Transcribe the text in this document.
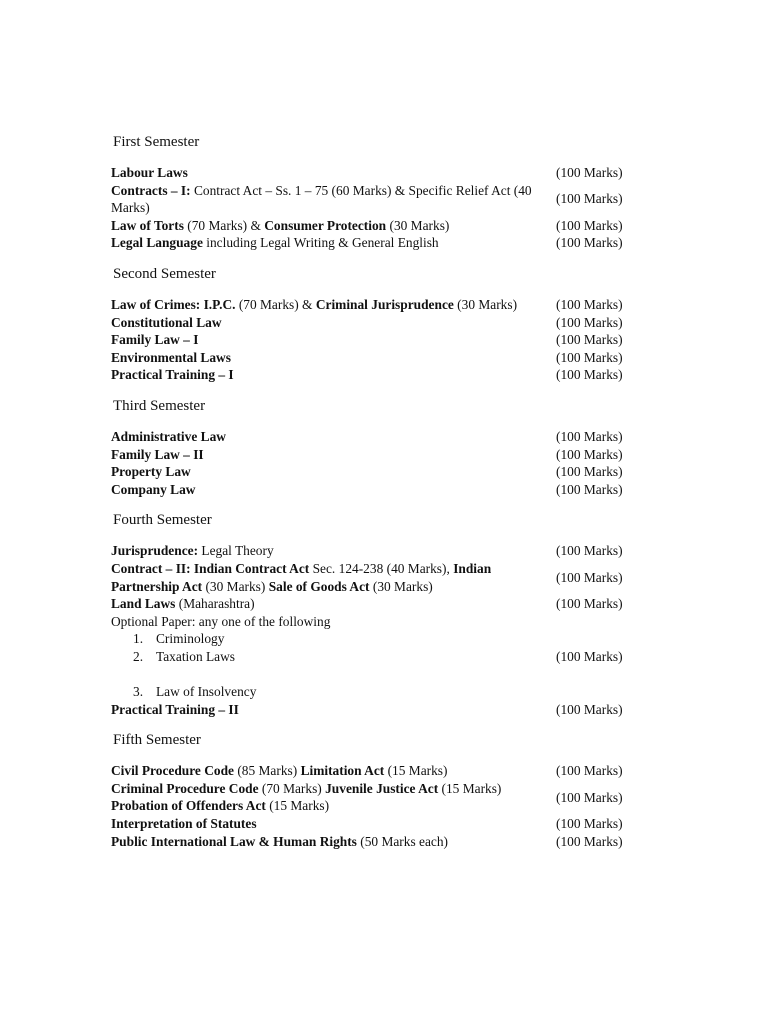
First Semester
Labour Laws	(100 Marks)
Contracts – I: Contract Act – Ss. 1 – 75 (60 Marks) & Specific Relief Act (40 Marks)
(100 Marks)
Law of Torts (70 Marks) & Consumer Protection (30 Marks)	(100 Marks)
Legal Language including Legal Writing & General English	(100 Marks)
Second Semester
Law of Crimes: I.P.C. (70 Marks) & Criminal Jurisprudence (30 Marks)	(100 Marks)
Constitutional Law	(100 Marks)
Family Law – I	(100 Marks)
Environmental Laws	(100 Marks)
Practical Training – I	(100 Marks)
Third Semester
Administrative Law	(100 Marks)
Family Law – II	(100 Marks)
Property Law	(100 Marks)
Company Law	(100 Marks)
Fourth Semester
Jurisprudence: Legal Theory	(100 Marks)
Contract – II: Indian Contract Act Sec. 124-238 (40 Marks), Indian Partnership Act (30 Marks) Sale of Goods Act (30 Marks)
(100 Marks)
Land Laws (Maharashtra)	(100 Marks)
Optional Paper: any one of the following
1. Criminology
2. Taxation Laws	(100 Marks)
3. Law of Insolvency
Practical Training – II	(100 Marks)
Fifth Semester
Civil Procedure Code (85 Marks) Limitation Act (15 Marks)	(100 Marks)
Criminal Procedure Code (70 Marks) Juvenile Justice Act (15 Marks) Probation of Offenders Act (15 Marks)
(100 Marks)
Interpretation of Statutes	(100 Marks)
Public International Law & Human Rights (50 Marks each)	(100 Marks)
